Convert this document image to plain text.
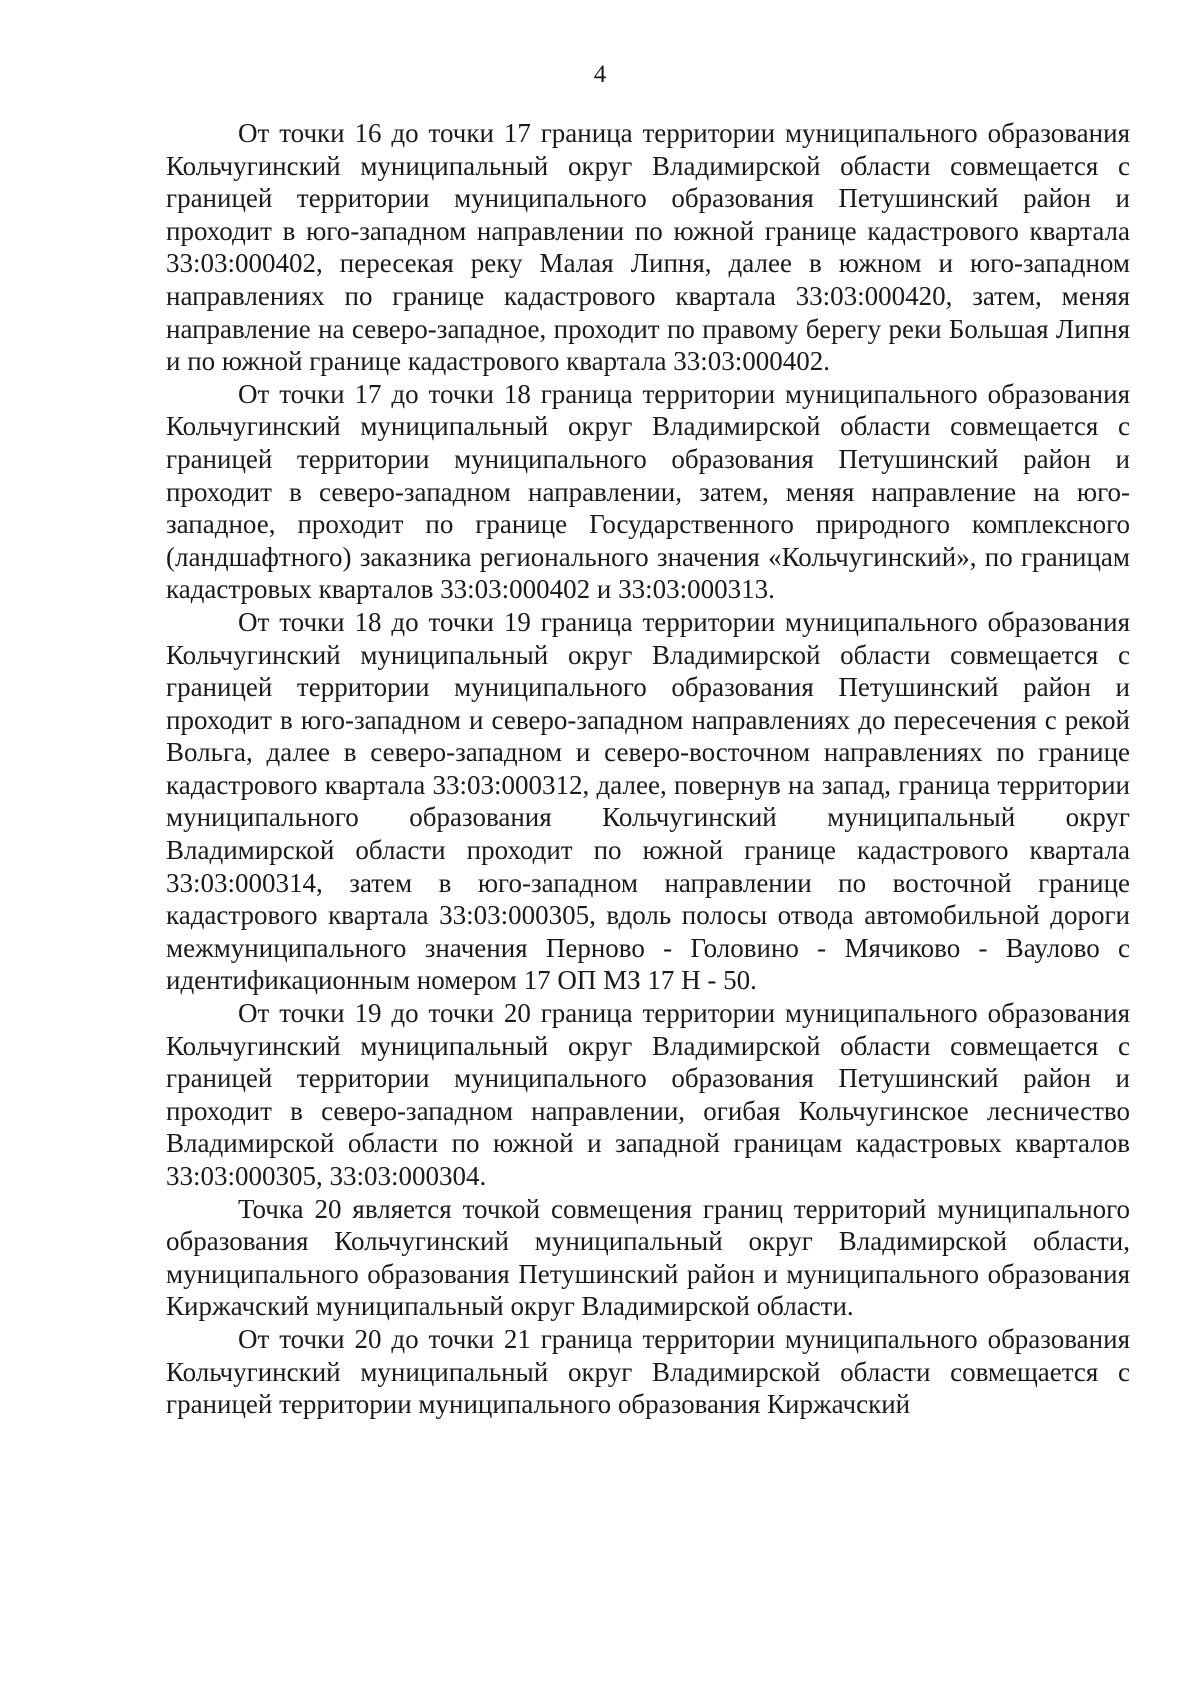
4

От точки 16 до точки 17 граница территории муниципального образования Кольчугинский муниципальный округ Владимирской области совмещается с границей территории муниципального образования Петушинский район и проходит в юго-западном направлении по южной границе кадастрового квартала 33:03:000402, пересекая реку Малая Липня, далее в южном и юго-западном направлениях по границе кадастрового квартала 33:03:000420, затем, меняя направление на северо-западное, проходит по правому берегу реки Большая Липня и по южной границе кадастрового квартала 33:03:000402.

От точки 17 до точки 18 граница территории муниципального образования Кольчугинский муниципальный округ Владимирской области совмещается с границей территории муниципального образования Петушинский район и проходит в северо-западном направлении, затем, меняя направление на юго-западное, проходит по границе Государственного природного комплексного (ландшафтного) заказника регионального значения «Кольчугинский», по границам кадастровых кварталов 33:03:000402 и 33:03:000313.

От точки 18 до точки 19 граница территории муниципального образования Кольчугинский муниципальный округ Владимирской области совмещается с границей территории муниципального образования Петушинский район и проходит в юго-западном и северо-западном направлениях до пересечения с рекой Вольга, далее в северо-западном и северо-восточном направлениях по границе кадастрового квартала 33:03:000312, далее, повернув на запад, граница территории муниципального образования Кольчугинский муниципальный округ Владимирской области проходит по южной границе кадастрового квартала 33:03:000314, затем в юго-западном направлении по восточной границе кадастрового квартала 33:03:000305, вдоль полосы отвода автомобильной дороги межмуниципального значения Перново - Головино - Мячиково - Ваулово с идентификационным номером 17 ОП МЗ 17 Н - 50.

От точки 19 до точки 20 граница территории муниципального образования Кольчугинский муниципальный округ Владимирской области совмещается с границей территории муниципального образования Петушинский район и проходит в северо-западном направлении, огибая Кольчугинское лесничество Владимирской области по южной и западной границам кадастровых кварталов 33:03:000305, 33:03:000304.

Точка 20 является точкой совмещения границ территорий муниципального образования Кольчугинский муниципальный округ Владимирской области, муниципального образования Петушинский район и муниципального образования Киржачский муниципальный округ Владимирской области.

От точки 20 до точки 21 граница территории муниципального образования Кольчугинский муниципальный округ Владимирской области совмещается с границей территории муниципального образования Киржачский
